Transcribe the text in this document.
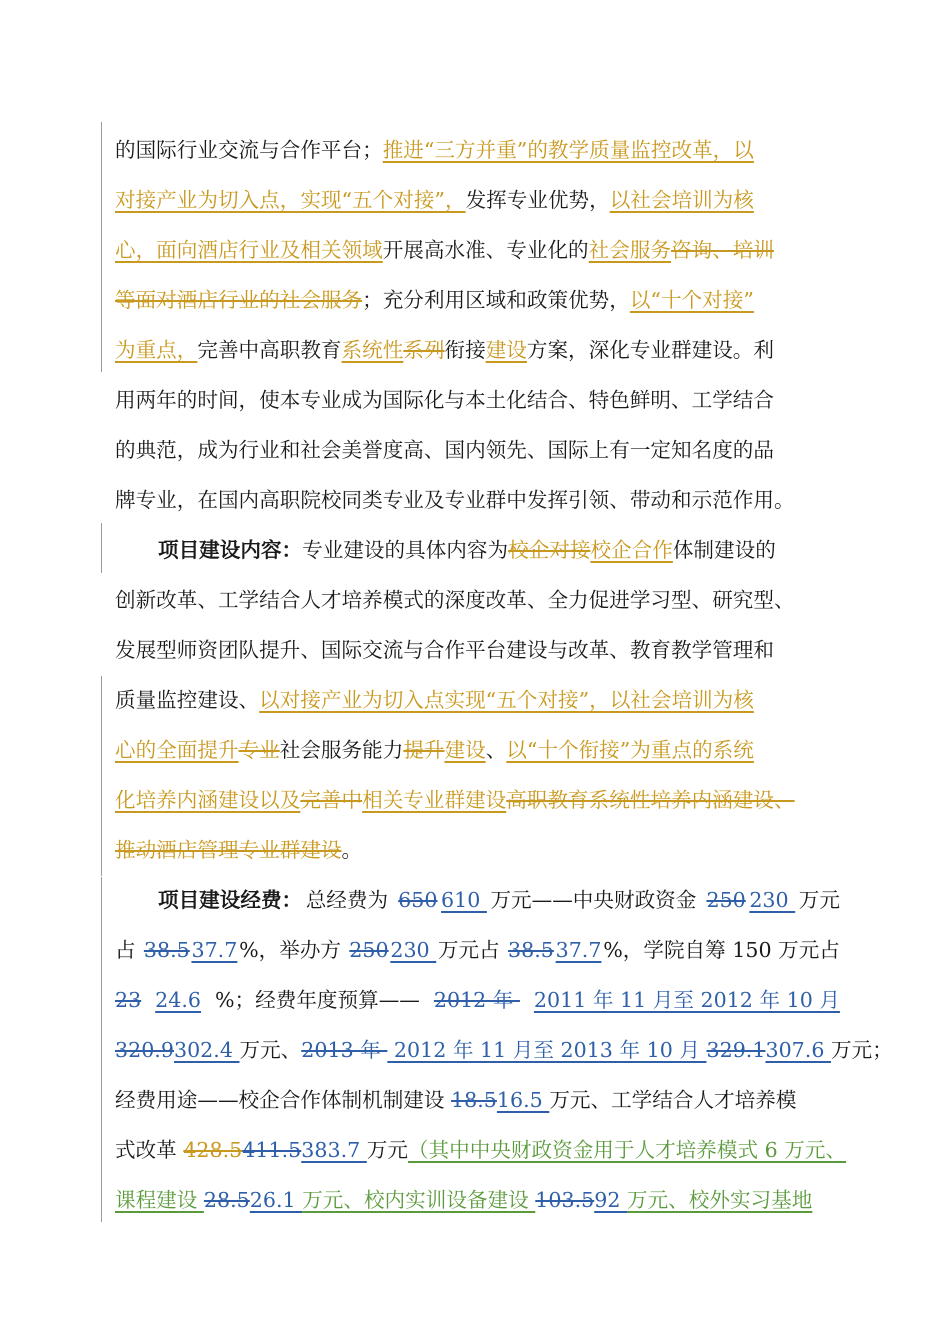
的国际行业交流与合作平台；推进“三方并重”的教学质量监控改革，以
对接产业为切入点，实现“五个对接”，发挥专业优势，以社会培训为核
心，面向酒店行业及相关领域开展高水准、专业化的社会服务咨询、培训
等面对酒店行业的社会服务；充分利用区域和政策优势，以“十个对接”
为重点，完善中高职教育系统性系列衔接建设方案，深化专业群建设。利
用两年的时间，使本专业成为国际化与本土化结合、特色鲜明、工学结合
的典范，成为行业和社会美誉度高、国内领先、国际上有一定知名度的品
牌专业，在国内高职院校同类专业及专业群中发挥引领、带动和示范作用。
项目建设内容：专业建设的具体内容为校企对接校企合作体制建设的
创新改革、工学结合人才培养模式的深度改革、全力促进学习型、研究型、
发展型师资团队提升、国际交流与合作平台建设与改革、教育教学管理和
质量监控建设、以对接产业为切入点实现“五个对接”，以社会培训为核
心的全面提升专业社会服务能力提升建设、以“十个衔接”为重点的系统
化培养内涵建设以及完善中相关专业群建设高职教育系统性培养内涵建设、
推动酒店管理专业群建设。
项目建设经费： 总经费为 650 610 万元——中央财政资金 250 230 万元
占 38.5 37.7 %，举办方 250 230 万元占 38.5 37.7 %，学院自筹 150 万元占
23 24.6 %；经费年度预算—— 2012 年 2011 年 11 月至 2012 年 10 月
320.9 302.4 万元、 2013 年 2012 年 11 月至 2013 年 10 月 329.1 307.6 万元；
经费用途——校企合作体制机制建设 18.516.5 万元、工学结合人才培养模
式改革 428.5411.5383.7 万元（其中中央财政资金用于人才培养模式 6 万元、
课程建设 28.526.1 万元、校内实训设备建设 103.592 万元、校外实习基地
